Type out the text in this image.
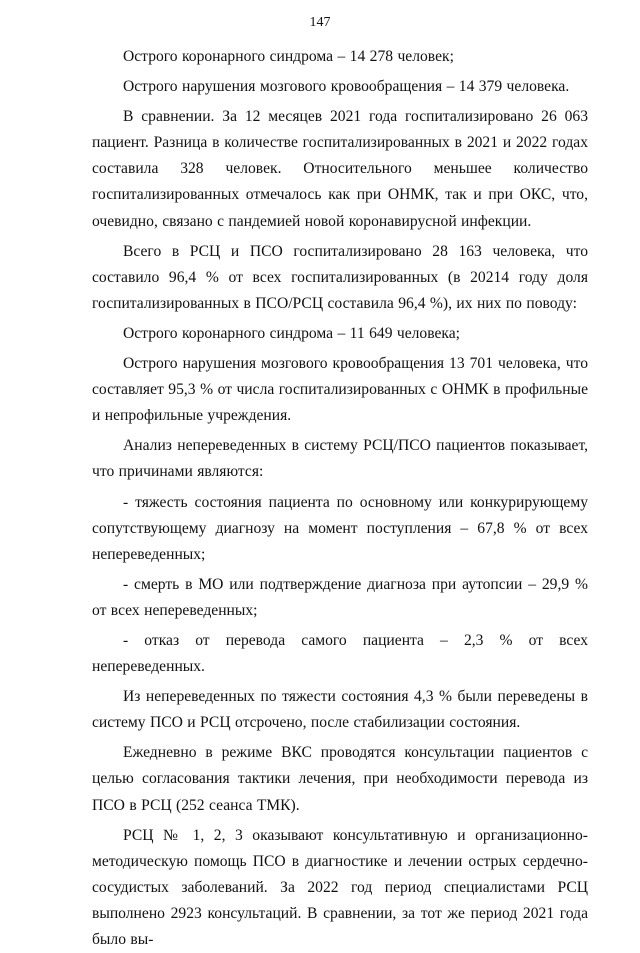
147

Острого коронарного синдрома – 14 278 человек;

Острого нарушения мозгового кровообращения – 14 379 человека.

В сравнении. За 12 месяцев 2021 года госпитализировано 26 063 пациент. Разница в количестве госпитализированных в 2021 и 2022 годах составила 328 человек. Относительного меньшее количество госпитализированных отмечалось как при ОНМК, так и при ОКС, что, очевидно, связано с пандемией новой коронавирусной инфекции.

Всего в РСЦ и ПСО госпитализировано 28 163 человека, что составило 96,4 % от всех госпитализированных (в 20214 году доля госпитализированных в ПСО/РСЦ составила 96,4 %), их них по поводу:

Острого коронарного синдрома – 11 649 человека;

Острого нарушения мозгового кровообращения 13 701 человека, что составляет 95,3 % от числа госпитализированных с ОНМК в профильные и непрофильные учреждения.

Анализ непереведенных в систему РСЦ/ПСО пациентов показывает, что причинами являются:

- тяжесть состояния пациента по основному или конкурирующему сопутствующему диагнозу на момент поступления – 67,8 % от всех непереведенных;

- смерть в МО или подтверждение диагноза при аутопсии – 29,9 % от всех непереведенных;

- отказ от перевода самого пациента – 2,3 % от всех непереведенных.

Из непереведенных по тяжести состояния 4,3 % были переведены в систему ПСО и РСЦ отсрочено, после стабилизации состояния.

Ежедневно в режиме ВКС проводятся консультации пациентов с целью согласования тактики лечения, при необходимости перевода из ПСО в РСЦ (252 сеанса ТМК).

РСЦ № 1, 2, 3 оказывают консультативную и организационно-методическую помощь ПСО в диагностике и лечении острых сердечно-сосудистых заболеваний. За 2022 год период специалистами РСЦ выполнено 2923 консультаций. В сравнении, за тот же период 2021 года было вы-
